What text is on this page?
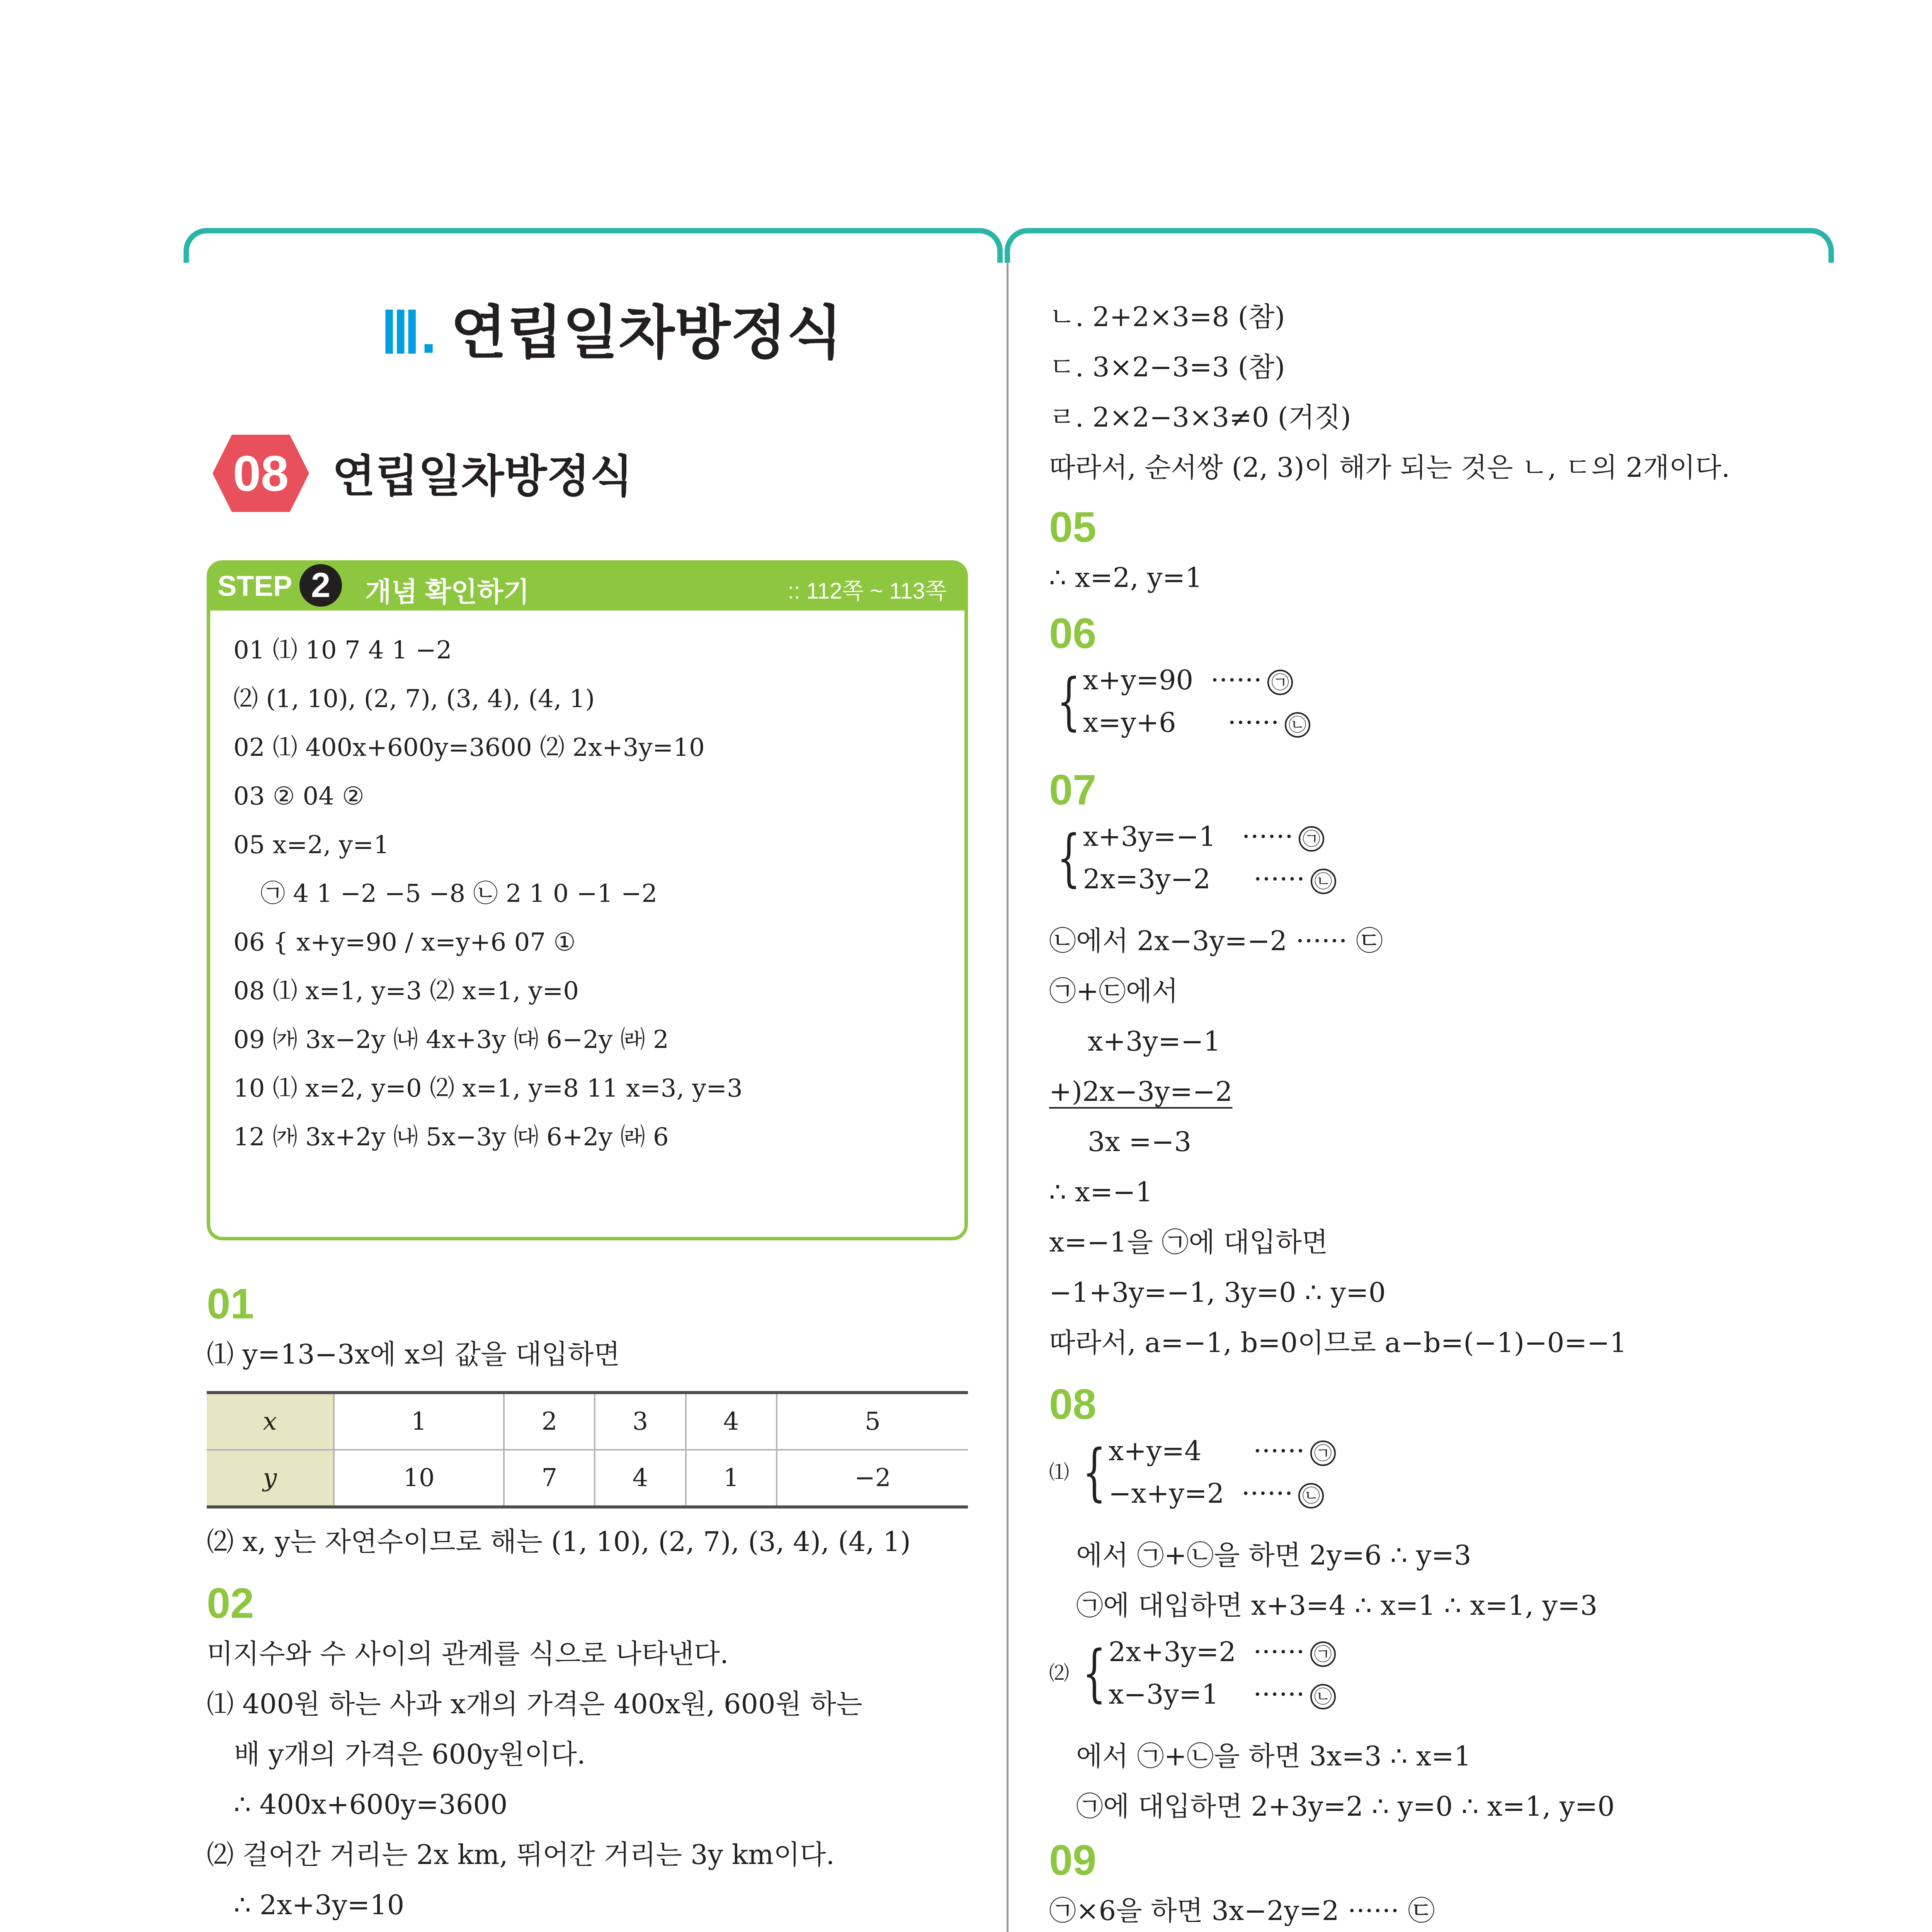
Ⅲ. 연립일차방정식
08 연립일차방정식
STEP 2	개념 확인하기	:: 112쪽 ~ 113쪽
01 ⑴ 10 7 4 1 −2
⑵ (1, 10), (2, 7), (3, 4), (4, 1)
02 ⑴ 400x+600y=3600 ⑵ 2x+3y=10
03 ② 04 ②
05 x=2, y=1
㉠ 4 1 −2 −5 −8 ㉡ 2 1 0 −1 −2
06 { x+y=90 / x=y+6 07 ①
08 ⑴ x=1, y=3 ⑵ x=1, y=0
09 ㈎ 3x−2y ㈏ 4x+3y ㈐ 6−2y ㈑ 2
10 ⑴ x=2, y=0 ⑵ x=1, y=8 11 x=3, y=3
12 ㈎ 3x+2y ㈏ 5x−3y ㈐ 6+2y ㈑ 6
01
⑴ y=13−3x에 x의 값을 대입하면
x	1	2	3	4	5
y	10	7	4	1	−2
⑵ x, y는 자연수이므로 해는 (1, 10), (2, 7), (3, 4), (4, 1)
02
미지수와 수 사이의 관계를 식으로 나타낸다.
⑴ 400원 하는 사과 x개의 가격은 400x원, 600원 하는
배 y개의 가격은 600y원이다.
∴ 400x+600y=3600
⑵ 걸어간 거리는 2x km, 뛰어간 거리는 3y km이다.
∴ 2x+3y=10
ㄴ. 2+2×3=8 (참)
ㄷ. 3×2−3=3 (참)
ㄹ. 2×2−3×3≠0 (거짓)
따라서, 순서쌍 (2, 3)이 해가 되는 것은 ㄴ, ㄷ의 2개이다.
05
∴ x=2, y=1
06
{ x+y=90 ······ ㉠
x=y+6 ······ ㉡
07
{ x+3y=−1 ······ ㉠
2x=3y−2 ······ ㉡
㉡에서 2x−3y=−2 ······ ㉢
㉠+㉢에서
x+3y=−1
+)2x−3y=−2
3x =−3
∴ x=−1
x=−1을 ㉠에 대입하면
−1+3y=−1, 3y=0 ∴ y=0
따라서, a=−1, b=0이므로 a−b=(−1)−0=−1
08
⑴ { x+y=4 ······ ㉠
−x+y=2 ······ ㉡
에서 ㉠+㉡을 하면 2y=6 ∴ y=3
㉠에 대입하면 x+3=4 ∴ x=1 ∴ x=1, y=3
⑵ { 2x+3y=2 ······ ㉠
x−3y=1 ······ ㉡
에서 ㉠+㉡을 하면 3x=3 ∴ x=1
㉠에 대입하면 2+3y=2 ∴ y=0 ∴ x=1, y=0
09
㉠×6을 하면 3x−2y=2 ······ ㉢
